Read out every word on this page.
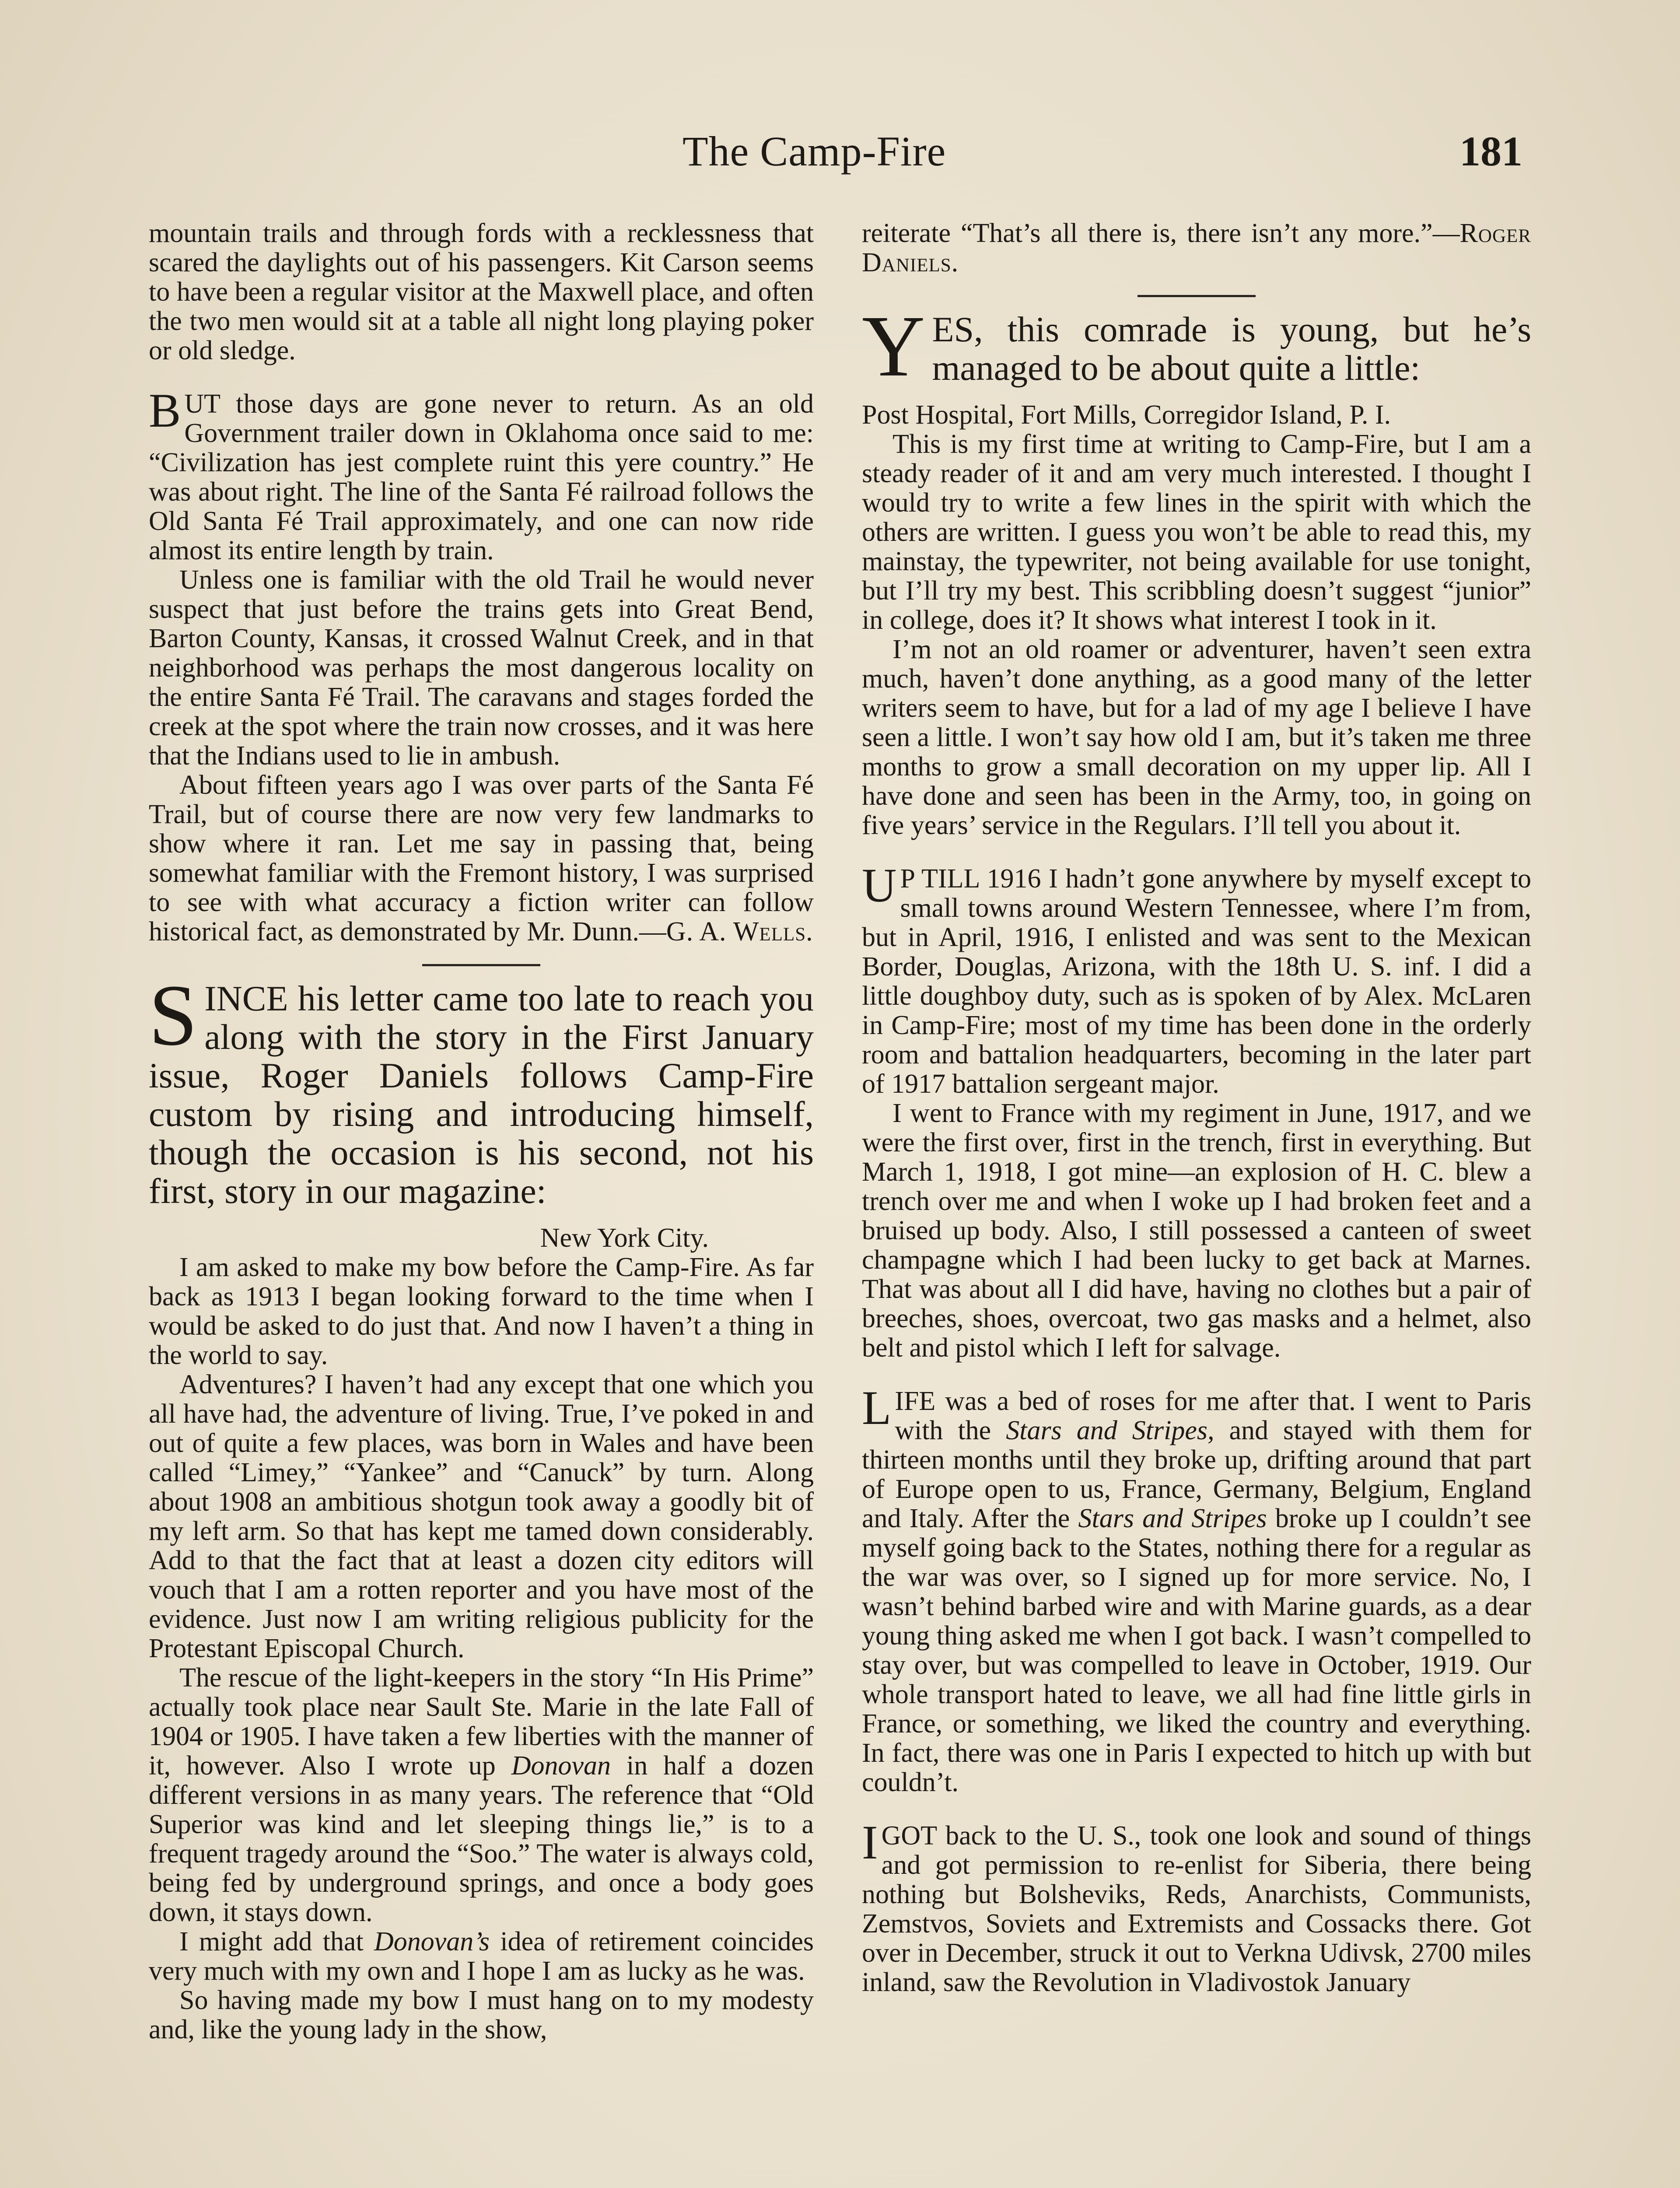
The Camp-Fire	181

mountain trails and through fords with a recklessness that scared the daylights out of his passengers. Kit Carson seems to have been a regular visitor at the Maxwell place, and often the two men would sit at a table all night long playing poker or old sledge.

BUT those days are gone never to return. As an old Government trailer down in Oklahoma once said to me: “Civilization has jest complete ruint this yere country.” He was about right. The line of the Santa Fé railroad follows the Old Santa Fé Trail approximately, and one can now ride almost its entire length by train.

Unless one is familiar with the old Trail he would never suspect that just before the trains gets into Great Bend, Barton County, Kansas, it crossed Walnut Creek, and in that neighborhood was perhaps the most dangerous locality on the entire Santa Fé Trail. The caravans and stages forded the creek at the spot where the train now crosses, and it was here that the Indians used to lie in ambush.

About fifteen years ago I was over parts of the Santa Fé Trail, but of course there are now very few landmarks to show where it ran. Let me say in passing that, being somewhat familiar with the Fremont history, I was surprised to see with what accuracy a fiction writer can follow historical fact, as demonstrated by Mr. Dunn.—G. A. Wells.

SINCE his letter came too late to reach you along with the story in the First January issue, Roger Daniels follows Camp-Fire custom by rising and introducing himself, though the occasion is his second, not his first, story in our magazine:

New York City.

I am asked to make my bow before the Camp-Fire. As far back as 1913 I began looking forward to the time when I would be asked to do just that. And now I haven’t a thing in the world to say.

Adventures? I haven’t had any except that one which you all have had, the adventure of living. True, I’ve poked in and out of quite a few places, was born in Wales and have been called “Limey,” “Yankee” and “Canuck” by turn. Along about 1908 an ambitious shotgun took away a goodly bit of my left arm. So that has kept me tamed down considerably. Add to that the fact that at least a dozen city editors will vouch that I am a rotten reporter and you have most of the evidence. Just now I am writing religious publicity for the Protestant Episcopal Church.

The rescue of the light-keepers in the story “In His Prime” actually took place near Sault Ste. Marie in the late Fall of 1904 or 1905. I have taken a few liberties with the manner of it, however. Also I wrote up Donovan in half a dozen different versions in as many years. The reference that “Old Superior was kind and let sleeping things lie,” is to a frequent tragedy around the “Soo.” The water is always cold, being fed by underground springs, and once a body goes down, it stays down.

I might add that Donovan’s idea of retirement coincides very much with my own and I hope I am as lucky as he was.

So having made my bow I must hang on to my modesty and, like the young lady in the show,

reiterate “That’s all there is, there isn’t any more.”—Roger Daniels.

YES, this comrade is young, but he’s managed to be about quite a little:

Post Hospital, Fort Mills, Corregidor Island, P. I.

This is my first time at writing to Camp-Fire, but I am a steady reader of it and am very much interested. I thought I would try to write a few lines in the spirit with which the others are written. I guess you won’t be able to read this, my mainstay, the typewriter, not being available for use tonight, but I’ll try my best. This scribbling doesn’t suggest “junior” in college, does it? It shows what interest I took in it.

I’m not an old roamer or adventurer, haven’t seen extra much, haven’t done anything, as a good many of the letter writers seem to have, but for a lad of my age I believe I have seen a little. I won’t say how old I am, but it’s taken me three months to grow a small decoration on my upper lip. All I have done and seen has been in the Army, too, in going on five years’ service in the Regulars. I’ll tell you about it.

U P TILL 1916 I hadn’t gone anywhere by myself except to small towns around Western Tennessee, where I’m from, but in April, 1916, I enlisted and was sent to the Mexican Border, Douglas, Arizona, with the 18th U. S. inf. I did a little doughboy duty, such as is spoken of by Alex. McLaren in Camp-Fire; most of my time has been done in the orderly room and battalion headquarters, becoming in the later part of 1917 battalion sergeant major.

I went to France with my regiment in June, 1917, and we were the first over, first in the trench, first in everything. But March 1, 1918, I got mine—an explosion of H. C. blew a trench over me and when I woke up I had broken feet and a bruised up body. Also, I still possessed a canteen of sweet champagne which I had been lucky to get back at Marnes. That was about all I did have, having no clothes but a pair of breeches, shoes, overcoat, two gas masks and a helmet, also belt and pistol which I left for salvage.

LIFE was a bed of roses for me after that. I went to Paris with the Stars and Stripes, and stayed with them for thirteen months until they broke up, drifting around that part of Europe open to us, France, Germany, Belgium, England and Italy. After the Stars and Stripes broke up I couldn’t see myself going back to the States, nothing there for a regular as the war was over, so I signed up for more service. No, I wasn’t behind barbed wire and with Marine guards, as a dear young thing asked me when I got back. I wasn’t compelled to stay over, but was compelled to leave in October, 1919. Our whole transport hated to leave, we all had fine little girls in France, or something, we liked the country and everything. In fact, there was one in Paris I expected to hitch up with but couldn’t.

IGOT back to the U. S., took one look and sound of things and got permission to re-enlist for Siberia, there being nothing but Bolsheviks, Reds, Anarchists, Communists, Zemstvos, Soviets and Extremists and Cossacks there. Got over in December, struck it out to Verkna Udivsk, 2700 miles inland, saw the Revolution in Vladivostok January
